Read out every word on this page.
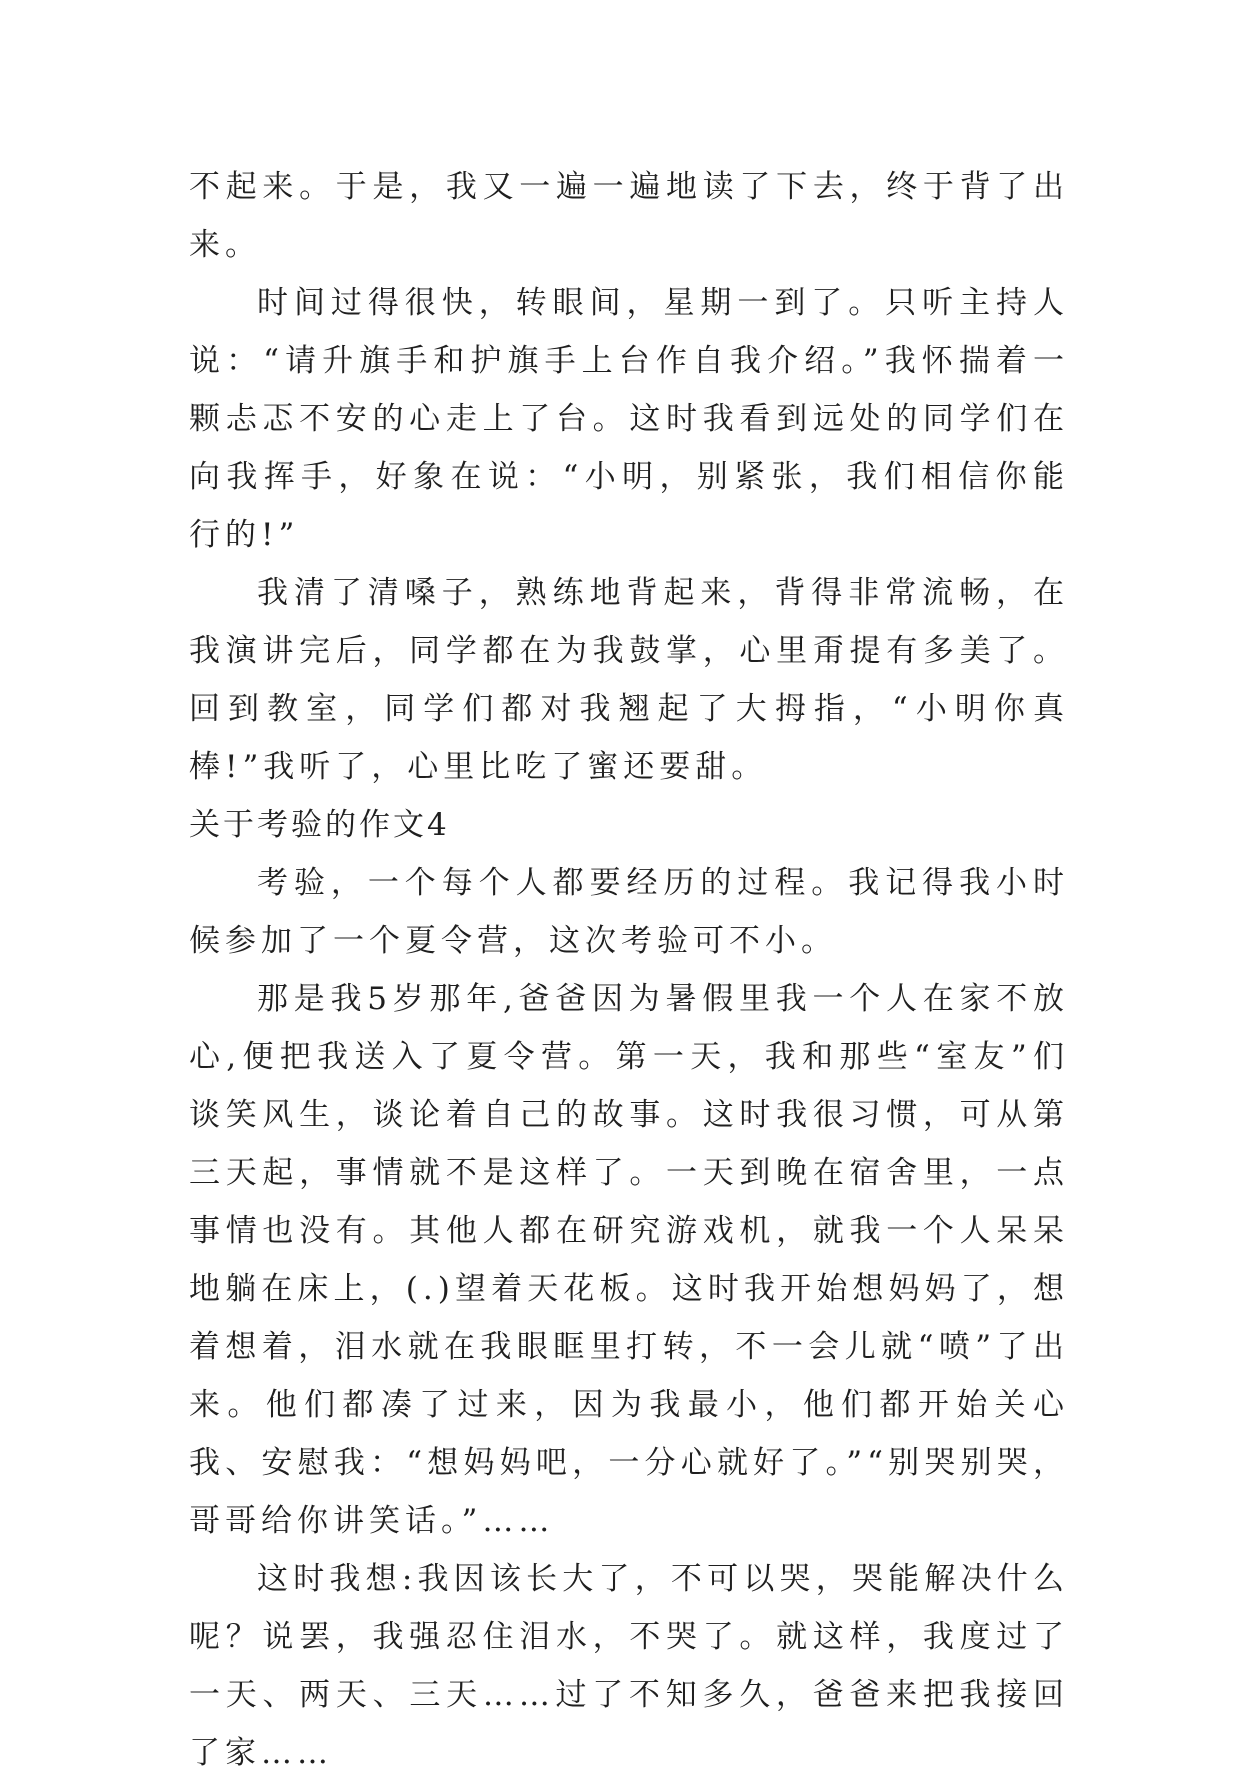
不起来。于是，我又一遍一遍地读了下去，终于背了出来。

时间过得很快，转眼间，星期一到了。只听主持人说：“请升旗手和护旗手上台作自我介绍。”我怀揣着一颗忐忑不安的心走上了台。这时我看到远处的同学们在向我挥手，好象在说：“小明，别紧张，我们相信你能行的!”

我清了清嗓子，熟练地背起来，背得非常流畅，在我演讲完后，同学都在为我鼓掌，心里甭提有多美了。回到教室，同学们都对我翘起了大拇指，“小明你真棒!”我听了，心里比吃了蜜还要甜。

关于考验的作文4

考验，一个每个人都要经历的过程。我记得我小时候参加了一个夏令营，这次考验可不小。

那是我5岁那年,爸爸因为暑假里我一个人在家不放心,便把我送入了夏令营。第一天，我和那些“室友”们谈笑风生，谈论着自己的故事。这时我很习惯，可从第三天起，事情就不是这样了。一天到晚在宿舍里，一点事情也没有。其他人都在研究游戏机，就我一个人呆呆地躺在床上，(.)望着天花板。这时我开始想妈妈了，想着想着，泪水就在我眼眶里打转，不一会儿就“喷”了出来。他们都凑了过来，因为我最小，他们都开始关心我、安慰我：“想妈妈吧，一分心就好了。”“别哭别哭，哥哥给你讲笑话。”……

这时我想:我因该长大了，不可以哭，哭能解决什么呢？说罢，我强忍住泪水，不哭了。就这样，我度过了一天、两天、三天……过了不知多久，爸爸来把我接回了家……
